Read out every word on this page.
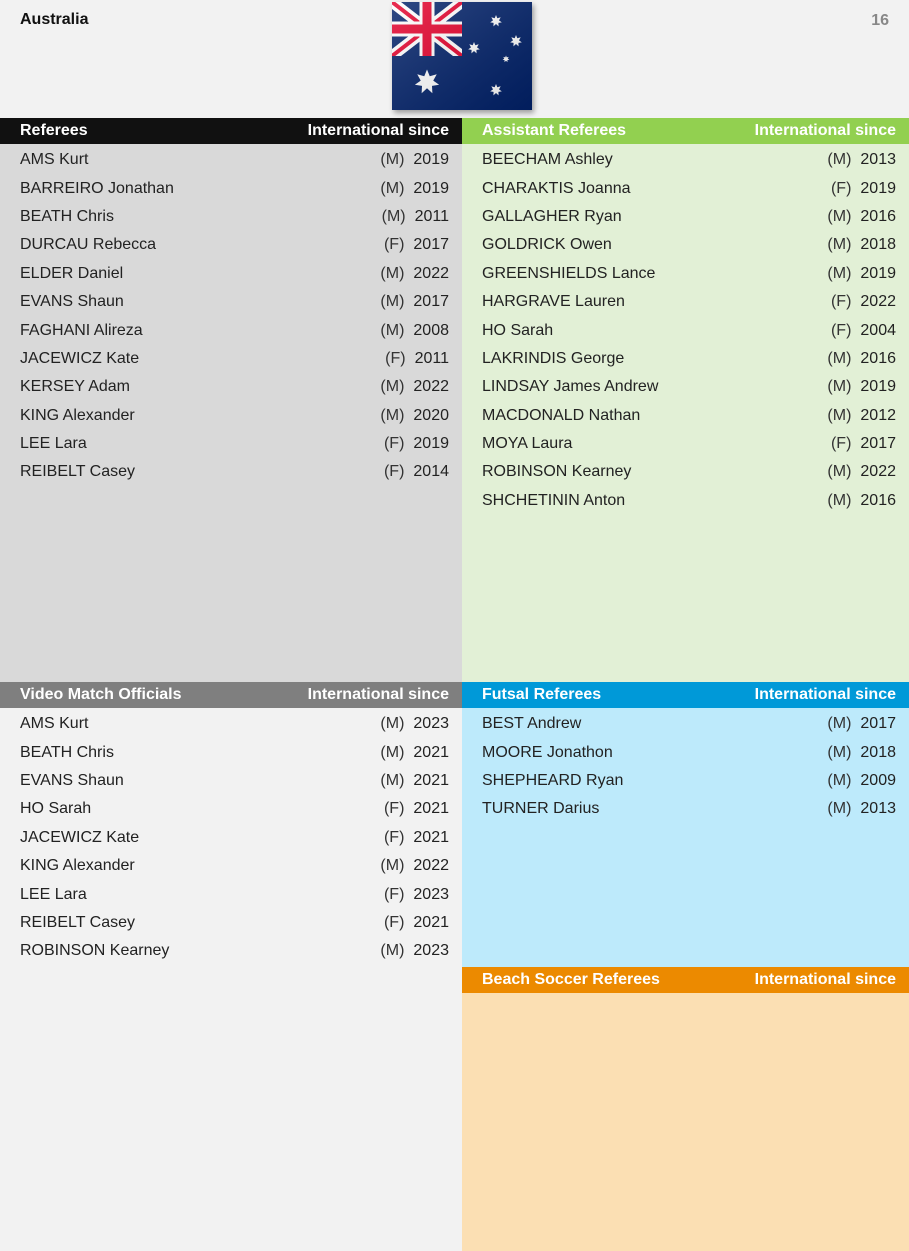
Australia	16
Referees	International since
AMS Kurt	(M) 2019
BARREIRO Jonathan	(M) 2019
BEATH Chris	(M) 2011
DURCAU Rebecca	(F) 2017
ELDER Daniel	(M) 2022
EVANS Shaun	(M) 2017
FAGHANI Alireza	(M) 2008
JACEWICZ Kate	(F) 2011
KERSEY Adam	(M) 2022
KING Alexander	(M) 2020
LEE Lara	(F) 2019
REIBELT Casey	(F) 2014
Assistant Referees	International since
BEECHAM Ashley	(M) 2013
CHARAKTIS Joanna	(F) 2019
GALLAGHER Ryan	(M) 2016
GOLDRICK Owen	(M) 2018
GREENSHIELDS Lance	(M) 2019
HARGRAVE Lauren	(F) 2022
HO Sarah	(F) 2004
LAKRINDIS George	(M) 2016
LINDSAY James Andrew	(M) 2019
MACDONALD Nathan	(M) 2012
MOYA Laura	(F) 2017
ROBINSON Kearney	(M) 2022
SHCHETININ Anton	(M) 2016
Video Match Officials	International since
AMS Kurt	(M) 2023
BEATH Chris	(M) 2021
EVANS Shaun	(M) 2021
HO Sarah	(F) 2021
JACEWICZ Kate	(F) 2021
KING Alexander	(M) 2022
LEE Lara	(F) 2023
REIBELT Casey	(F) 2021
ROBINSON Kearney	(M) 2023
Futsal Referees	International since
BEST Andrew	(M) 2017
MOORE Jonathon	(M) 2018
SHEPHEARD Ryan	(M) 2009
TURNER Darius	(M) 2013
Beach Soccer Referees	International since
